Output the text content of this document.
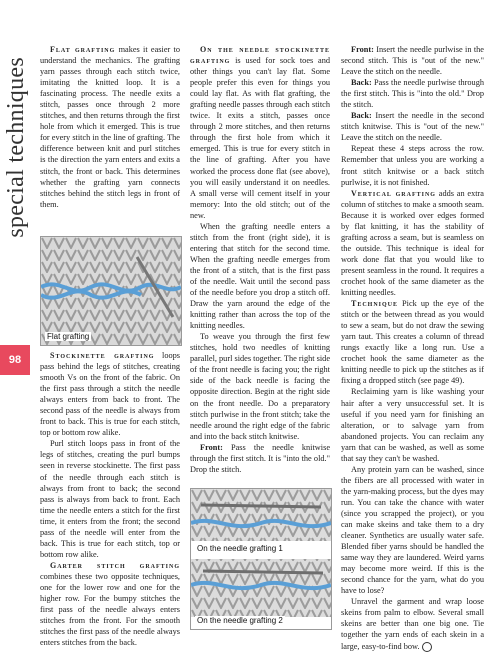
special techniques
98

Flat grafting makes it easier to understand the mechanics. The grafting yarn passes through each stitch twice, imitating the knitted loop. It is a fascinating process. The needle exits a stitch, passes once through 2 more stitches, and then returns through the first hole from which it emerged. This is true for every stitch in the line of grafting. The difference between knit and purl stitches is the direction the yarn enters and exits a stitch, the front or back. This determines whether the grafting yarn connects stitches behind the stitch legs in front of them.

Flat grafting

Stockinette grafting loops pass behind the legs of stitches, creating smooth Vs on the front of the fabric. On the first pass through a stitch the needle always enters from back to front. The second pass of the needle is always from front to back. This is true for each stitch, top or bottom row alike.

Purl stitch loops pass in front of the legs of stitches, creating the purl bumps seen in reverse stockinette. The first pass of the needle through each stitch is always from front to back; the second pass is always from back to front. Each time the needle enters a stitch for the first time, it enters from the front; the second pass of the needle will enter from the back. This is true for each stitch, top or bottom row alike.

Garter stitch grafting combines these two opposite techniques, one for the lower row and one for the higher row. For the bumpy stitches the first pass of the needle always enters stitches from the front. For the smooth stitches the first pass of the needle always enters stitches from the back.

On the needle stockinette grafting is used for sock toes and other things you can't lay flat. Some people prefer this even for things you could lay flat. As with flat grafting, the grafting needle passes through each stitch twice. It exits a stitch, passes once through 2 more stitches, and then returns through the first hole from which it emerged. This is true for every stitch in the line of grafting. After you have worked the process done flat (see above), you will easily understand it on needles. A small verse will cement itself in your memory: Into the old stitch; out of the new.

When the grafting needle enters a stitch from the front (right side), it is entering that stitch for the second time. When the grafting needle emerges from the front of a stitch, that is the first pass of the needle. Wait until the second pass of the needle before you drop a stitch off. Draw the yarn around the edge of the knitting rather than across the top of the knitting needles.

To weave you through the first few stitches, hold two needles of knitting parallel, purl sides together. The right side of the front needle is facing you; the right side of the back needle is facing the opposite direction. Begin at the right side on the front needle. Do a preparatory stitch purlwise in the front stitch; take the needle around the right edge of the fabric and into the back stitch knitwise.

Front: Pass the needle knitwise through the first stitch. It is "into the old." Drop the stitch.

On the needle grafting 1
On the needle grafting 2

Front: Insert the needle purlwise in the second stitch. This is "out of the new." Leave the stitch on the needle.

Back: Pass the needle purlwise through the first stitch. This is "into the old." Drop the stitch.

Back: Insert the needle in the second stitch knitwise. This is "out of the new." Leave the stitch on the needle.

Repeat these 4 steps across the row. Remember that unless you are working a front stitch knitwise or a back stitch purlwise, it is not finished.

Vertical grafting adds an extra column of stitches to make a smooth seam. Because it is worked over edges formed by flat knitting, it has the stability of grafting across a seam, but is seamless on the outside. This technique is ideal for work done flat that you would like to present seamless in the round. It requires a crochet hook of the same diameter as the knitting needles.

Technique Pick up the eye of the stitch or the between thread as you would to sew a seam, but do not draw the sewing yarn taut. This creates a column of thread rungs exactly like a long run. Use a crochet hook the same diameter as the knitting needle to pick up the stitches as if fixing a dropped stitch (see page 49).

Reclaiming yarn is like washing your hair after a very unsuccessful set. It is useful if you need yarn for finishing an alteration, or to salvage yarn from abandoned projects. You can reclaim any yarn that can be washed, as well as some that say they can't be washed.

Any protein yarn can be washed, since the fibers are all processed with water in the yarn-making process, but the dyes may run. You can take the chance with water (since you scrapped the project), or you can make skeins and take them to a dry cleaner. Synthetics are usually water safe. Blended fiber yarns should be handled the same way they are laundered. Weird yarns may become more weird. If this is the second chance for the yarn, what do you have to lose?

Unravel the garment and wrap loose skeins from palm to elbow. Several small skeins are better than one big one. Tie together the yarn ends of each skein in a large, easy-to-find bow.
